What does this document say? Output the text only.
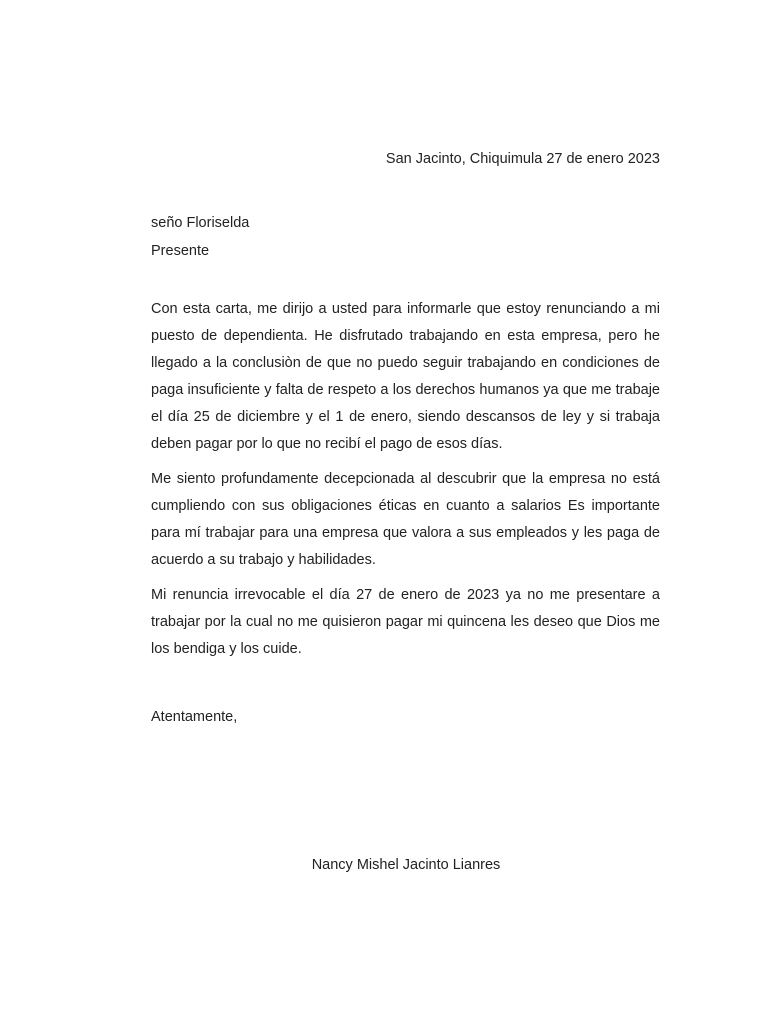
San Jacinto, Chiquimula 27 de enero 2023
seño Floriselda
Presente

Con esta carta, me dirijo a usted para informarle que estoy renunciando a mi puesto de dependienta. He disfrutado trabajando en esta empresa, pero he llegado a la conclusiòn de que no puedo seguir trabajando en condiciones de paga insuficiente y falta de respeto a los derechos humanos ya que me trabaje el día 25 de diciembre y el 1 de enero, siendo descansos de ley y si trabaja deben pagar por lo que no recibí el pago de esos días.

Me siento profundamente decepcionada al descubrir que la empresa no está cumpliendo con sus obligaciones éticas en cuanto a salarios Es importante para mí trabajar para una empresa que valora a sus empleados y les paga de acuerdo a su trabajo y habilidades.

Mi renuncia irrevocable el día 27 de enero de 2023 ya no me presentare a trabajar por la cual no me quisieron pagar mi quincena les deseo que Dios me los bendiga y los cuide.

Atentamente,
Nancy Mishel Jacinto Lianres
